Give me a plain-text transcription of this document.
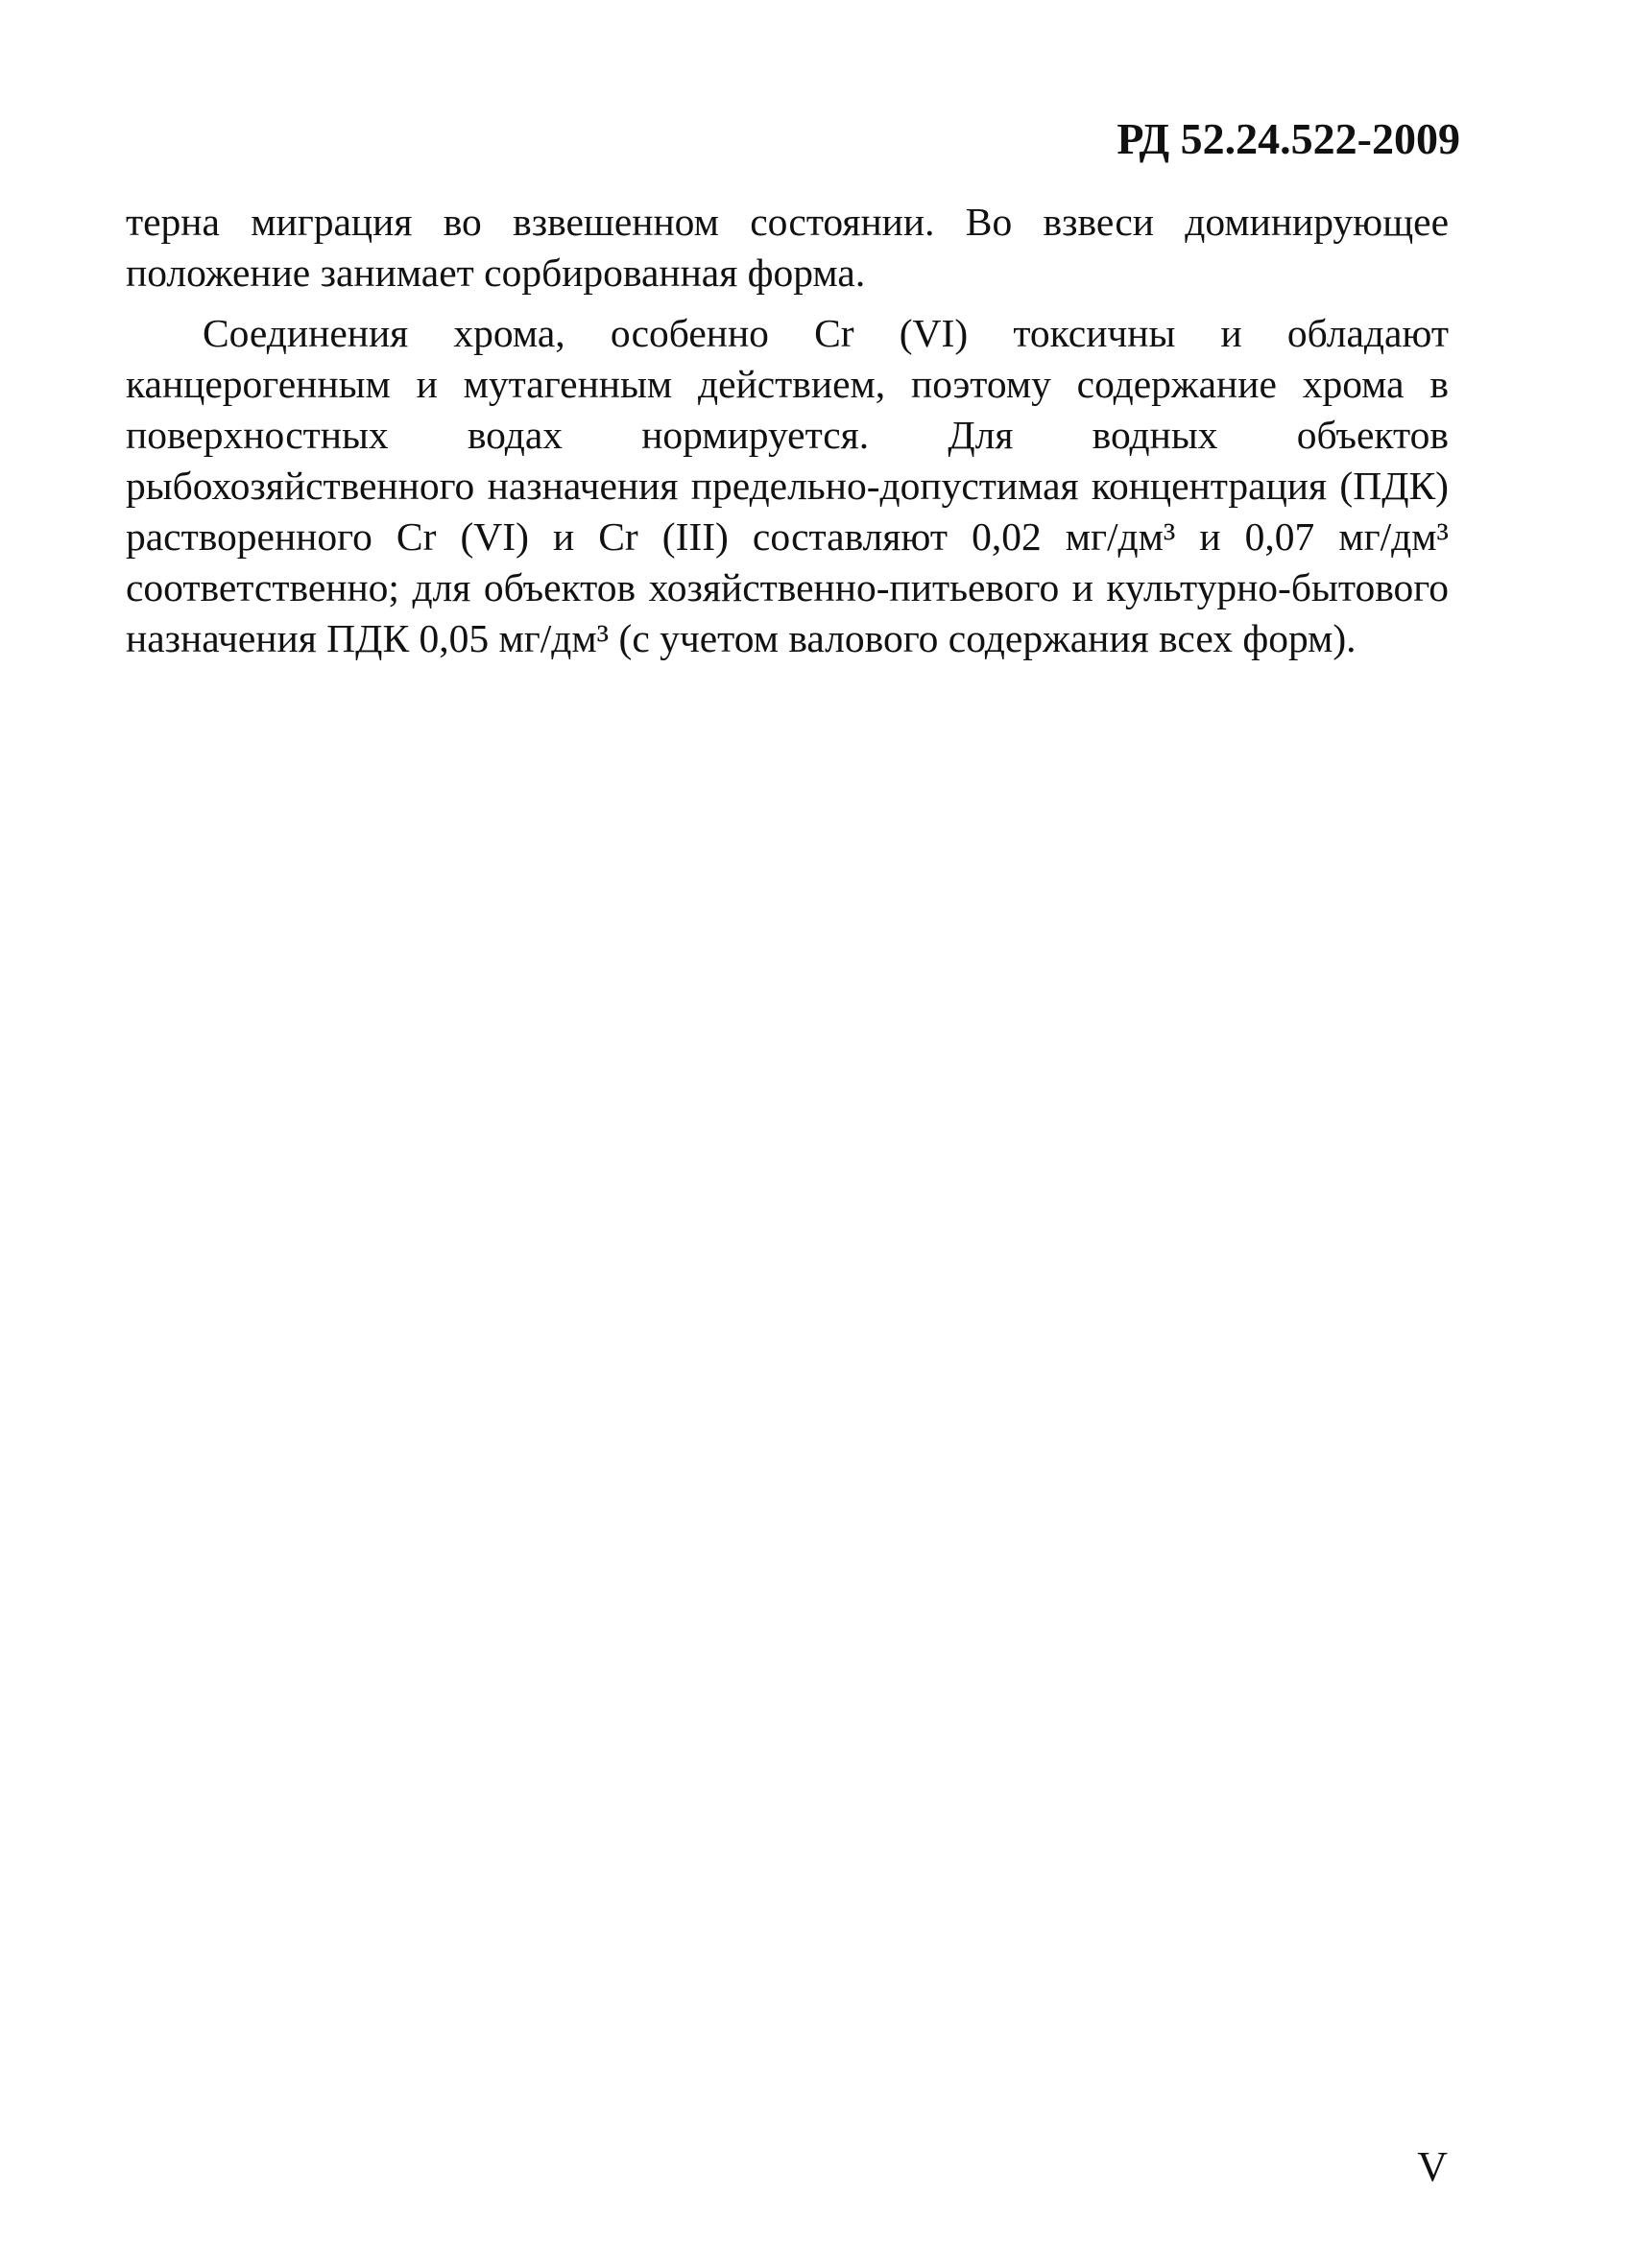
РД 52.24.522-2009

терна миграция во взвешенном состоянии. Во взвеси доминирующее положение занимает сорбированная форма.

Соединения хрома, особенно Cr (VI) токсичны и обладают канцерогенным и мутагенным действием, поэтому содержание хрома в поверхностных водах нормируется. Для водных объектов рыбохозяйственного назначения предельно-допустимая концентрация (ПДК) растворенного Cr (VI) и Cr (III) составляют 0,02 мг/дм³ и 0,07 мг/дм³ соответственно; для объектов хозяйственно-питьевого и культурно-бытового назначения ПДК 0,05 мг/дм³ (с учетом валового содержания всех форм).

V
